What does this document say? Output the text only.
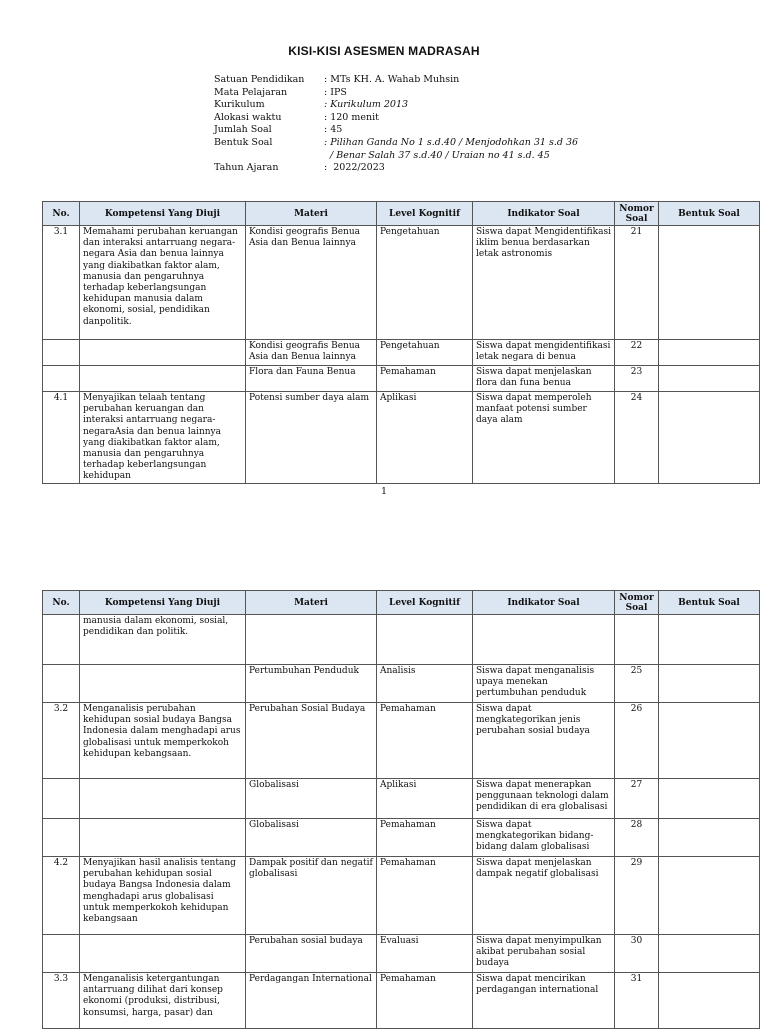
KISI-KISI ASESMEN MADRASAH
Satuan Pendidikan	: MTs KH. A. Wahab Muhsin
Mata Pelajaran	: IPS
Kurikulum	: Kurikulum 2013
Alokasi waktu	: 120 menit
Jumlah Soal	: 45
Bentuk Soal	: Pilihan Ganda No 1 s.d.40 / Menjodohkan 31 s.d 36
/ Benar Salah 37 s.d.40 / Uraian no 41 s.d. 45
Tahun Ajaran	:  2022/2023
No.	Kompetensi Yang Diuji	Materi	Level Kognitif	Indikator Soal	Nomor Soal	Bentuk Soal
3.1	Memahami perubahan keruangan dan interaksi antarruang negara-negara Asia dan benua lainnya yang diakibatkan faktor alam, manusia dan pengaruhnya terhadap keberlangsungan kehidupan manusia dalam ekonomi, sosial, pendidikan danpolitik.	Kondisi geografis Benua Asia dan Benua lainnya	Pengetahuan	Siswa dapat Mengidentifikasi iklim benua berdasarkan letak astronomis	21	
		Kondisi geografis Benua Asia dan Benua lainnya	Pengetahuan	Siswa dapat mengidentifikasi letak negara di benua	22	
		Flora dan Fauna Benua	Pemahaman	Siswa dapat menjelaskan flora dan funa benua	23	
4.1	Menyajikan telaah tentang perubahan keruangan dan interaksi antarruang negara-negaraAsia dan benua lainnya yang diakibatkan faktor alam, manusia dan pengaruhnya terhadap keberlangsungan kehidupan	Potensi sumber daya alam	Aplikasi	Siswa dapat memperoleh manfaat potensi sumber daya alam	24	
1
No.	Kompetensi Yang Diuji	Materi	Level Kognitif	Indikator Soal	Nomor Soal	Bentuk Soal
	manusia dalam ekonomi, sosial, pendidikan dan politik.					
		Pertumbuhan Penduduk	Analisis	Siswa dapat menganalisis upaya menekan pertumbuhan penduduk	25	
3.2	Menganalisis perubahan kehidupan sosial budaya Bangsa Indonesia dalam menghadapi arus globalisasi untuk memperkokoh kehidupan kebangsaan.	Perubahan Sosial Budaya	Pemahaman	Siswa dapat mengkategorikan jenis perubahan sosial budaya	26	
		Globalisasi	Aplikasi	Siswa dapat menerapkan penggunaan teknologi dalam pendidikan di era globalisasi	27	
		Globalisasi	Pemahaman	Siswa dapat mengkategorikan bidang-bidang dalam globalisasi	28	
4.2	Menyajikan hasil analisis tentang perubahan kehidupan sosial budaya Bangsa Indonesia dalam menghadapi arus globalisasi untuk memperkokoh kehidupan kebangsaan	Dampak positif dan negatif globalisasi	Pemahaman	Siswa dapat menjelaskan dampak negatif globalisasi	29	
		Perubahan sosial budaya	Evaluasi	Siswa dapat menyimpulkan akibat perubahan sosial budaya	30	
3.3	Menganalisis ketergantungan antarruang dilihat dari konsep ekonomi (produksi, distribusi, konsumsi, harga, pasar) dan	Perdagangan International	Pemahaman	Siswa dapat mencirikan perdagangan international	31	
